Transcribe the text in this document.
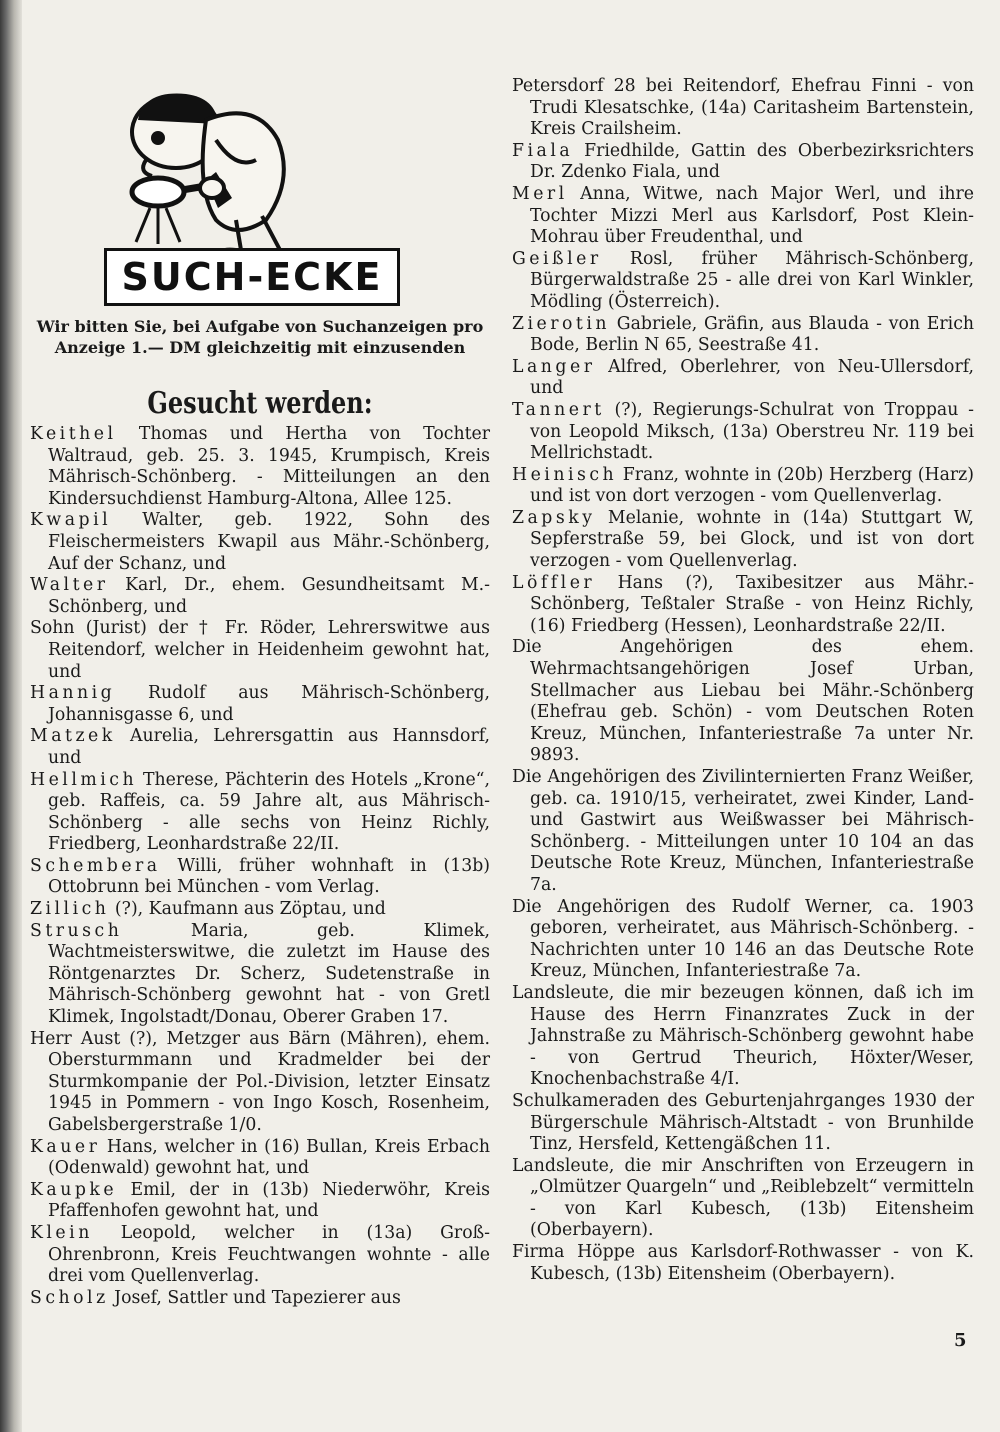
SUCH-ECKE
Wir bitten Sie, bei Aufgabe von Suchanzeigen pro Anzeige 1.— DM gleichzeitig mit einzusenden
Gesucht werden:
Keithel Thomas und Hertha von Tochter Waltraud, geb. 25. 3. 1945, Krumpisch, Kreis Mährisch-Schönberg. - Mitteilungen an den Kindersuchdienst Hamburg-Altona, Allee 125.
Kwapil Walter, geb. 1922, Sohn des Fleischermeisters Kwapil aus Mähr.-Schönberg, Auf der Schanz, und
Walter Karl, Dr., ehem. Gesundheitsamt M.-Schönberg, und
Sohn (Jurist) der † Fr. Röder, Lehrerswitwe aus Reitendorf, welcher in Heidenheim gewohnt hat, und
Hannig Rudolf aus Mährisch-Schönberg, Johannisgasse 6, und
Matzek Aurelia, Lehrersgattin aus Hannsdorf, und
Hellmich Therese, Pächterin des Hotels „Krone“, geb. Raffeis, ca. 59 Jahre alt, aus Mährisch-Schönberg - alle sechs von Heinz Richly, Friedberg, Leonhardstraße 22/II.
Schembera Willi, früher wohnhaft in (13b) Ottobrunn bei München - vom Verlag.
Zillich (?), Kaufmann aus Zöptau, und
Strusch Maria, geb. Klimek, Wachtmeisterswitwe, die zuletzt im Hause des Röntgenarztes Dr. Scherz, Sudetenstraße in Mährisch-Schönberg gewohnt hat - von Gretl Klimek, Ingolstadt/Donau, Oberer Graben 17.
Herr Aust (?), Metzger aus Bärn (Mähren), ehem. Obersturmmann und Kradmelder bei der Sturmkompanie der Pol.-Division, letzter Einsatz 1945 in Pommern - von Ingo Kosch, Rosenheim, Gabelsbergerstraße 1/0.
Kauer Hans, welcher in (16) Bullan, Kreis Erbach (Odenwald) gewohnt hat, und
Kaupke Emil, der in (13b) Niederwöhr, Kreis Pfaffenhofen gewohnt hat, und
Klein Leopold, welcher in (13a) Groß-Ohrenbronn, Kreis Feuchtwangen wohnte - alle drei vom Quellenverlag.
Scholz Josef, Sattler und Tapezierer aus
Petersdorf 28 bei Reitendorf, Ehefrau Finni - von Trudi Klesatschke, (14a) Caritasheim Bartenstein, Kreis Crailsheim.
Fiala Friedhilde, Gattin des Oberbezirksrichters Dr. Zdenko Fiala, und
Merl Anna, Witwe, nach Major Werl, und ihre Tochter Mizzi Merl aus Karlsdorf, Post Klein-Mohrau über Freudenthal, und
Geißler Rosl, früher Mährisch-Schönberg, Bürgerwaldstraße 25 - alle drei von Karl Winkler, Mödling (Österreich).
Zierotin Gabriele, Gräfin, aus Blauda - von Erich Bode, Berlin N 65, Seestraße 41.
Langer Alfred, Oberlehrer, von Neu-Ullersdorf, und
Tannert (?), Regierungs-Schulrat von Troppau - von Leopold Miksch, (13a) Oberstreu Nr. 119 bei Mellrichstadt.
Heinisch Franz, wohnte in (20b) Herzberg (Harz) und ist von dort verzogen - vom Quellenverlag.
Zapsky Melanie, wohnte in (14a) Stuttgart W, Sepferstraße 59, bei Glock, und ist von dort verzogen - vom Quellenverlag.
Löffler Hans (?), Taxibesitzer aus Mähr.-Schönberg, Teßtaler Straße - von Heinz Richly, (16) Friedberg (Hessen), Leonhardstraße 22/II.
Die Angehörigen des ehem. Wehrmachtsangehörigen Josef Urban, Stellmacher aus Liebau bei Mähr.-Schönberg (Ehefrau geb. Schön) - vom Deutschen Roten Kreuz, München, Infanteriestraße 7a unter Nr. 9893.
Die Angehörigen des Zivilinternierten Franz Weißer, geb. ca. 1910/15, verheiratet, zwei Kinder, Land- und Gastwirt aus Weißwasser bei Mährisch-Schönberg. - Mitteilungen unter 10 104 an das Deutsche Rote Kreuz, München, Infanteriestraße 7a.
Die Angehörigen des Rudolf Werner, ca. 1903 geboren, verheiratet, aus Mährisch-Schönberg. - Nachrichten unter 10 146 an das Deutsche Rote Kreuz, München, Infanteriestraße 7a.
Landsleute, die mir bezeugen können, daß ich im Hause des Herrn Finanzrates Zuck in der Jahnstraße zu Mährisch-Schönberg gewohnt habe - von Gertrud Theurich, Höxter/Weser, Knochenbachstraße 4/I.
Schulkameraden des Geburtenjahrganges 1930 der Bürgerschule Mährisch-Altstadt - von Brunhilde Tinz, Hersfeld, Kettengäßchen 11.
Landsleute, die mir Anschriften von Erzeugern in „Olmützer Quargeln“ und „Reiblebzelt“ vermitteln - von Karl Kubesch, (13b) Eitensheim (Oberbayern).
Firma Höppe aus Karlsdorf-Rothwasser - von K. Kubesch, (13b) Eitensheim (Oberbayern).
5
